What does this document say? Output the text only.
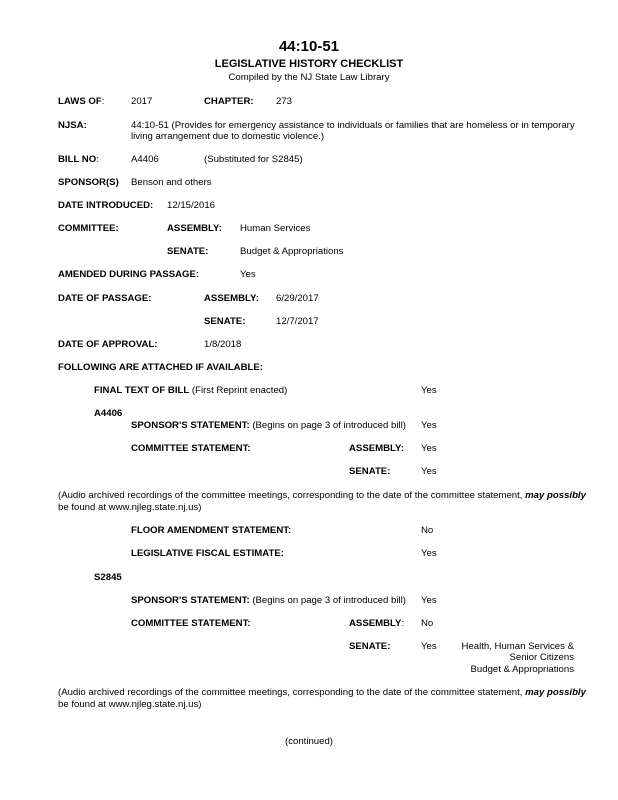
44:10-51
LEGISLATIVE HISTORY CHECKLIST
Compiled by the NJ State Law Library
LAWS OF:	2017	CHAPTER: 273
NJSA:	44:10-51 (Provides for emergency assistance to individuals or families that are homeless or in temporary
living arrangement due to domestic violence.)
BILL NO:	A4406	(Substituted for S2845)
SPONSOR(S) Benson and others
DATE INTRODUCED: 12/15/2016
COMMITTEE:	ASSEMBLY: Human Services
SENATE:	Budget & Appropriations
AMENDED DURING PASSAGE:	Yes
DATE OF PASSAGE:	ASSEMBLY: 6/29/2017
SENATE:	12/7/2017
DATE OF APPROVAL:	1/8/2018
FOLLOWING ARE ATTACHED IF AVAILABLE:
FINAL TEXT OF BILL (First Reprint enacted)	Yes
A4406
SPONSOR'S STATEMENT: (Begins on page 3 of introduced bill) Yes
COMMITTEE STATEMENT:	ASSEMBLY: Yes
SENATE:	Yes
(Audio archived recordings of the committee meetings, corresponding to the date of the committee statement, may possibly
be found at www.njleg.state.nj.us)
FLOOR AMENDMENT STATEMENT:	No
LEGISLATIVE FISCAL ESTIMATE:	Yes
S2845
SPONSOR'S STATEMENT: (Begins on page 3 of introduced bill) Yes
COMMITTEE STATEMENT:	ASSEMBLY: No
SENATE:	Yes	Health, Human Services &
Senior Citizens
Budget & Appropriations
(Audio archived recordings of the committee meetings, corresponding to the date of the committee statement, may possibly
be found at www.njleg.state.nj.us)
(continued)
